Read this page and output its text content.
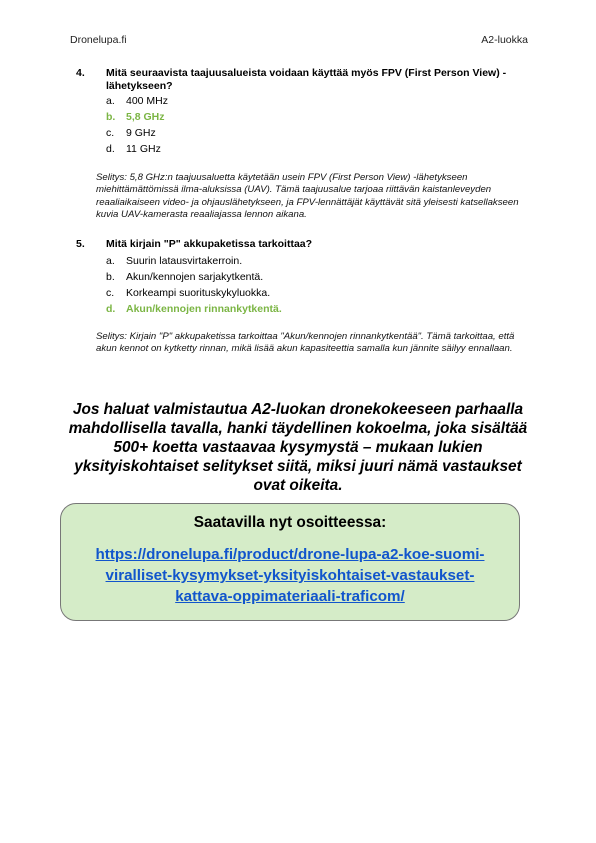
Dronelupa.fi	A2-luokka
4. Mitä seuraavista taajuusalueista voidaan käyttää myös FPV (First Person View) -lähetykseen?
a.	400 MHz
b.	5,8 GHz
c.	9 GHz
d.	11 GHz
Selitys: 5,8 GHz:n taajuusaluetta käytetään usein FPV (First Person View) -lähetykseen miehittämättömissä ilma-aluksissa (UAV). Tämä taajuusalue tarjoaa riittävän kaistanleveyden reaaliaikaiseen video- ja ohjauslähetykseen, ja FPV-lennättäjät käyttävät sitä yleisesti katsellakseen kuvia UAV-kamerasta reaaliajassa lennon aikana.
5. Mitä kirjain "P" akkupaketissa tarkoittaa?
a.	Suurin latausvirtakerroin.
b.	Akun/kennojen sarjakytkentä.
c.	Korkeampi suorituskykyluokka.
d.	Akun/kennojen rinnankytkentä.
Selitys: Kirjain "P" akkupaketissa tarkoittaa "Akun/kennojen rinnankytkentää". Tämä tarkoittaa, että akun kennot on kytketty rinnan, mikä lisää akun kapasiteettia samalla kun jännite säilyy ennallaan.
Jos haluat valmistautua A2-luokan dronekokeeseen parhaalla
mahdollisella tavalla, hanki täydellinen kokoelma, joka sisältää
500+ koetta vastaavaa kysymystä – mukaan lukien
yksityiskohtaiset selitykset siitä, miksi juuri nämä vastaukset
ovat oikeita.
Saatavilla nyt osoitteessa:
https://dronelupa.fi/product/drone-lupa-a2-koe-suomi-
viralliset-kysymykset-yksityiskohtaiset-vastaukset-
kattava-oppimateriaali-traficom/
